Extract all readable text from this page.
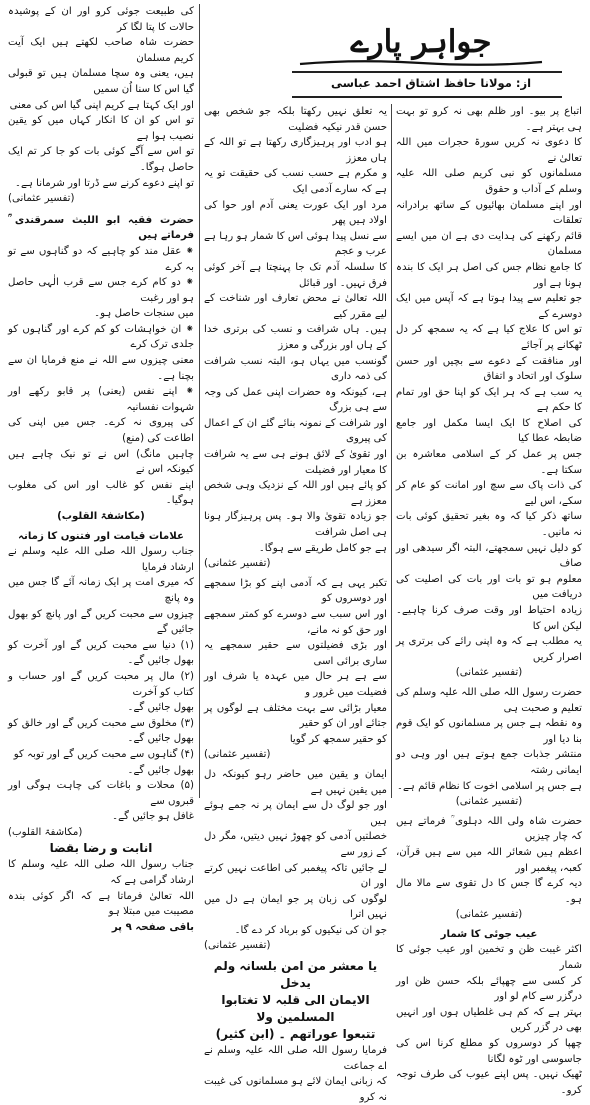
جواہر پارے
از: مولانا حافظ اشتاق احمد عباسی

کی طبیعت جوئی کرو اور ان کے پوشیدہ حالات کا پتا لگا کر

حضرت شاہ صاحب لکھتے ہیں ایک آیت کریم مسلمان

ہیں، یعنی وہ سچا مسلمان ہیں تو قبولی گیا اس کا سنا اُن سمیں

اور ایک کہتا ہے کریم اپنی گیا اس کی معنی

تو اس کو ان کا انکار کہاں میں کو یقین نصیب ہوا ہے

تو اس سے آگے کوئی بات کو جا کر تم ایک حاصل ہوگا۔

تو اپنے دعوے کرنے سے ڈرتا اور شرمانا ہے۔

(تفسیر عثمانی)

حضرت فقیہ ابو اللیث سمرقندی ؒ فرماتے ہیں

⁕ عقل مند کو چاہیے کہ دو گناہوں سے تو بہ کرے

⁕ دو کام کرے جس سے قرب الٰہی حاصل ہو اور رغبت

میں سنجات حاصل ہو۔

⁕ ان خواہشات کو کم کرے اور گناہوں کو جلدی ترک کرے

معنی چیزوں سے اللہ نے منع فرمایا ان سے بچنا ہے۔

⁕ اپنے نفس (یعنی) پر قابو رکھے اور شہوات نفسانیہ

کی پیروی نہ کرے۔ جس میں اپنی کی اطاعت کی (منع)

چاہیں مانگ) اس نے تو نیک چاہے ہیں کیونکہ اس نے

اپنے نفس کو غالب اور اس کی مغلوب ہوگیا۔

(مکاشفۃ القلوب)

علامات قیامت اور فتنوں کا زمانہ

جناب رسول اللہ صلی اللہ علیہ وسلم نے ارشاد فرمایا

کہ میری امت پر ایک زمانہ آئے گا جس میں وہ پانچ

چیزوں سے محبت کریں گے اور پانچ کو بھول جائیں گے

(۱) دنیا سے محبت کریں گے اور آخرت کو بھول جائیں گے۔

(۲) مال پر محبت کریں گے اور حساب و کتاب کو آخرت

بھول جائیں گے۔

(۳) مخلوق سے محبت کریں گے اور خالق کو بھول جائیں گے۔

(۴) گناہوں سے محبت کریں گے اور توبہ کو

بھول جائیں گے۔

(۵) محلات و باغات کی چاہت ہوگی اور قبروں سے

غافل ہو جائیں گے۔

(مکاشفۃ القلوب)

انابت و رضا بقضا

جناب رسول اللہ صلی اللہ علیہ وسلم کا ارشاد گرامی ہے کہ

اللہ تعالیٰ فرماتا ہے کہ اگر کوئی بندہ مصیبت میں مبتلا ہو

باقی صفحہ ۹ پر

یہ تعلق نہیں رکھتا بلکہ جو شخص بھی حسن قدر نیکیہ فضلیت

ہو ادب اور پرہیزگاری رکھتا ہے تو اللہ کے ہاں معزز

و مکرم ہے حسب نسب کی حقیقت تو یہ ہے کہ سارے آدمی ایک

مرد اور ایک عورت یعنی آدم اور حوا کی اولاد ہیں پھر

سے نسل پیدا ہوئی اس کا شمار ہو رہا ہے عرب و عجم

کا سلسلہ آدم تک جا پہنچتا ہے آخر کوئی فرق نہیں۔ اور قبائل

اللہ تعالیٰ نے محض تعارف اور شناخت کے لیے مقرر کیے

ہیں۔ ہاں شرافت و نسب کی برتری خدا کے ہاں اور بزرگی و معزز

گونسب میں یہاں ہو، البتہ نسب شرافت کی ذمہ داری

ہے، کیونکہ وہ حضرات اپنی عمل کی وجہ سے ہی بزرگ

اور شرافت کے نمونہ بنائے گئے ان کے اعمال کی پیروی

اور تقویٰ کے لائق ہونے ہی سے یہ شرافت کا معیار اور فضیلت

کو پائے ہیں اور اللہ کے نزدیک وہی شخص معزز ہے

جو زیادہ تقویٰ والا ہو۔ پس پرہیزگار ہونا ہی اصل شرافت

ہے جو کامل طریقے سے ہوگا۔

(تفسیر عثمانی)

تکبر یہی ہے کہ آدمی اپنے کو بڑا سمجھے اور دوسروں کو

اور اس سبب سے دوسرے کو کمتر سمجھے اور حق کو نہ مانے،

اور بڑی فضیلتوں سے حقیر سمجھے یہ ساری برائی اسی

سے ہے ہر حال میں عہدہ یا شرف اور فضیلت میں غرور و

معیار بڑائی سے بہت مختلف ہے لوگوں پر جتائے اور ان کو حقیر

کو حقیر سمجھ کر گویا

(تفسیر عثمانی)

ایمان و یقین میں حاضر رہو کیونکہ دل میں یقین نہیں ہے

اور جو لوگ دل سے ایمان پر نہ جمے ہوئے ہیں

خصلتیں آدمی کو چھوڑ نہیں دیتیں، مگر دل کے زور سے

لے جائیں تاکہ پیغمبر کی اطاعت نہیں کرتے اور ان

لوگوں کی زبان پر جو ایمان ہے دل میں نہیں اترا

جو ان کی نیکیوں کو برباد کر دے گا۔

(تفسیر عثمانی)

یا معشر من امن بلسانہ ولم یدخل

الایمان الی قلبہ لا تغتابوا المسلمین ولا

تتبعوا عوراتھم ۔ (ابن کثیر)

فرمایا رسول اللہ صلی اللہ علیہ وسلم نے اے جماعت

کہ زبانی ایمان لائے ہو مسلمانوں کی غیبت نہ کرو

اتباع پر بیو۔ اور ظلم بھی نہ کرو تو بہت ہی بہتر ہے۔

کا دعوی نہ کریں سورۃ حجرات میں اللہ تعالیٰ نے

مسلمانوں کو نبی کریم صلی اللہ علیہ وسلم کے آداب و حقوق

اور اپنے مسلمان بھائیوں کے ساتھ برادرانہ تعلقات

قائم رکھنے کی ہدایت دی ہے ان میں ایسے مسلمان

کا جامع نظام جس کی اصل ہر ایک کا بندہ ہونا ہے اور

جو تعلیم سے پیدا ہوتا ہے کہ آپس میں ایک دوسرے کے

تو اس کا علاج کیا ہے کہ یہ سمجھ کر دل ٹھکانے پر آجائے

اور منافقت کے دعوے سے بچیں اور حسن سلوک اور اتحاد و اتفاق

یہ سب ہے کہ ہر ایک کو اپنا حق اور تمام کا حکم ہے

کی اصلاح کا ایک ایسا مکمل اور جامع ضابطہ عطا کیا

جس پر عمل کر کے اسلامی معاشرہ بن سکتا ہے۔

کی ذات پاک سے سچ اور امانت کو عام کر سکے، اس لیے

ساتھ ذکر کیا کہ وہ بغیر تحقیق کوئی بات نہ مانیں۔

کو دلیل نہیں سمجھتے، البتہ اگر سیدھی اور صاف

معلوم ہو تو بات اور بات کی اصلیت کی دریافت میں

زیادہ احتیاط اور وقت صرف کرنا چاہیے۔ لیکن اس کا

یہ مطلب ہے کہ وہ اپنی رائے کی برتری پر اصرار کریں

(تفسیر عثمانی)

حضرت رسول اللہ صلی اللہ علیہ وسلم کی تعلیم و صحبت ہی

وہ نقطہ ہے جس پر مسلمانوں کو ایک قوم بنا دیا اور

منتشر جذبات جمع ہوتے ہیں اور وہی دو ایمانی رشتہ

ہے جس پر اسلامی اخوت کا نظام قائم ہے۔

(تفسیر عثمانی)

حضرت شاہ ولی اللہ دہلوی ؒ فرماتے ہیں کہ چار چیزیں

اعظم ہیں شعائر اللہ میں سے ہیں قرآن، کعبہ، پیغمبر اور

دیہ کرے گا جس کا دل تقوی سے مالا مال ہو۔

(تفسیر عثمانی)

عیب جوئی کا شمار

اکثر غیبت ظن و تخمین اور عیب جوئی کا شمار

کر کسی سے چھپائے بلکہ حسن ظن اور درگزر سے کام لو اور

بہتر ہے کہ کم ہی غلطیاں ہوں اور انہیں بھی در گزر کریں

چھپا کر دوسروں کو مطلع کرنا اس کی جاسوسی اور ٹوہ لگانا

ٹھیک نہیں۔ پس اپنے عیوب کی طرف توجہ کرو۔
